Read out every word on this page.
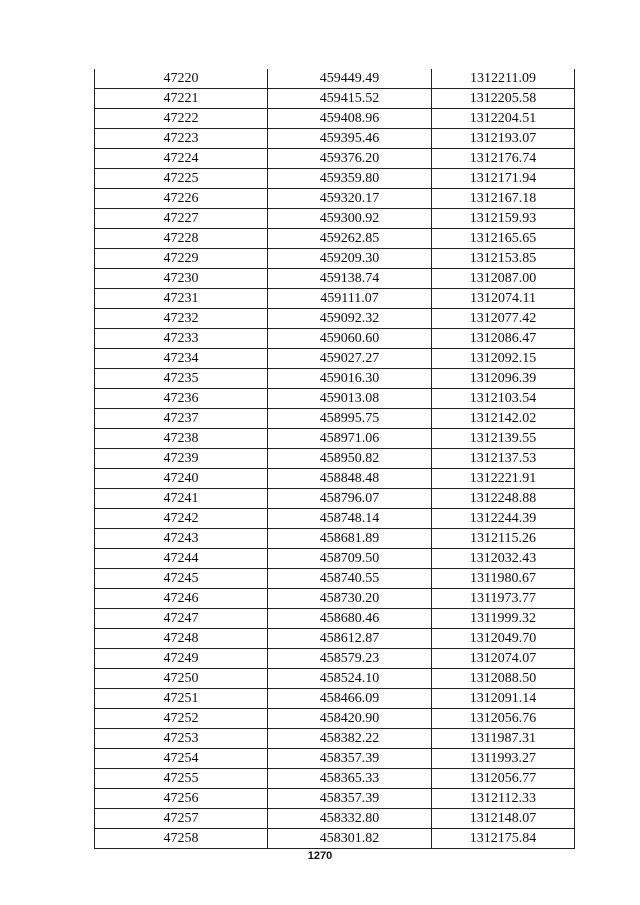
47220	459449.49	1312211.09
47221	459415.52	1312205.58
47222	459408.96	1312204.51
47223	459395.46	1312193.07
47224	459376.20	1312176.74
47225	459359.80	1312171.94
47226	459320.17	1312167.18
47227	459300.92	1312159.93
47228	459262.85	1312165.65
47229	459209.30	1312153.85
47230	459138.74	1312087.00
47231	459111.07	1312074.11
47232	459092.32	1312077.42
47233	459060.60	1312086.47
47234	459027.27	1312092.15
47235	459016.30	1312096.39
47236	459013.08	1312103.54
47237	458995.75	1312142.02
47238	458971.06	1312139.55
47239	458950.82	1312137.53
47240	458848.48	1312221.91
47241	458796.07	1312248.88
47242	458748.14	1312244.39
47243	458681.89	1312115.26
47244	458709.50	1312032.43
47245	458740.55	1311980.67
47246	458730.20	1311973.77
47247	458680.46	1311999.32
47248	458612.87	1312049.70
47249	458579.23	1312074.07
47250	458524.10	1312088.50
47251	458466.09	1312091.14
47252	458420.90	1312056.76
47253	458382.22	1311987.31
47254	458357.39	1311993.27
47255	458365.33	1312056.77
47256	458357.39	1312112.33
47257	458332.80	1312148.07
47258	458301.82	1312175.84
1270
